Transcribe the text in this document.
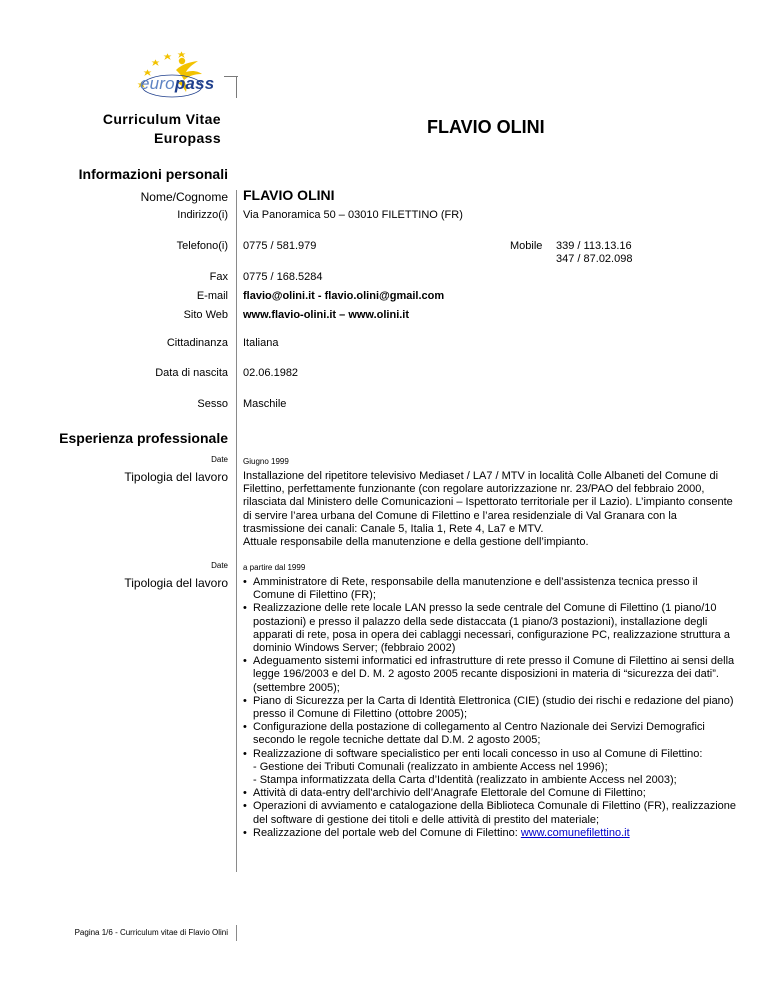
europass
Curriculum Vitae
Europass
FLAVIO OLINI
Informazioni personali
Nome/Cognome FLAVIO OLINI
Indirizzo(i) Via Panoramica 50 – 03010 FILETTINO (FR)
Telefono(i) 0775 / 581.979	Mobile 339 / 113.13.16
347 / 87.02.098
Fax 0775 / 168.5284
E-mail flavio@olini.it - flavio.olini@gmail.com
Sito Web www.flavio-olini.it – www.olini.it
Cittadinanza Italiana
Data di nascita 02.06.1982
Sesso Maschile
Esperienza professionale
Date Giugno 1999
Tipologia del lavoro Installazione del ripetitore televisivo Mediaset / LA7 / MTV in località Colle Albaneti del Comune di
Filettino, perfettamente funzionante (con regolare autorizzazione nr. 23/PAO del febbraio 2000,
rilasciata dal Ministero delle Comunicazioni – Ispettorato territoriale per il Lazio). L’impianto consente
di servire l’area urbana del Comune di Filettino e l’area residenziale di Val Granara con la
trasmissione dei canali: Canale 5, Italia 1, Rete 4, La7 e MTV.
Attuale responsabile della manutenzione e della gestione dell’impianto.
Date a partire dal 1999
Tipologia del lavoro
• Amministratore di Rete, responsabile della manutenzione e dell’assistenza tecnica presso il
Comune di Filettino (FR);
• Realizzazione delle rete locale LAN presso la sede centrale del Comune di Filettino (1 piano/10
postazioni) e presso il palazzo della sede distaccata (1 piano/3 postazioni), installazione degli
apparati di rete, posa in opera dei cablaggi necessari, configurazione PC, realizzazione struttura a
dominio Windows Server; (febbraio 2002)
• Adeguamento sistemi informatici ed infrastrutture di rete presso il Comune di Filettino ai sensi della
legge 196/2003 e del D. M. 2 agosto 2005 recante disposizioni in materia di “sicurezza dei dati”.
(settembre 2005);
• Piano di Sicurezza per la Carta di Identità Elettronica (CIE) (studio dei rischi e redazione del piano)
presso il Comune di Filettino (ottobre 2005);
• Configurazione della postazione di collegamento al Centro Nazionale dei Servizi Demografici
secondo le regole tecniche dettate dal D.M. 2 agosto 2005;
• Realizzazione di software specialistico per enti locali concesso in uso al Comune di Filettino:
- Gestione dei Tributi Comunali (realizzato in ambiente Access nel 1996);
- Stampa informatizzata della Carta d’Identità (realizzato in ambiente Access nel 2003);
• Attività di data-entry dell'archivio dell’Anagrafe Elettorale del Comune di Filettino;
• Operazioni di avviamento e catalogazione della Biblioteca Comunale di Filettino (FR), realizzazione
del software di gestione dei titoli e delle attività di prestito del materiale;
• Realizzazione del portale web del Comune di Filettino: www.comunefilettino.it
Pagina 1/6 - Curriculum vitae di Flavio Olini
